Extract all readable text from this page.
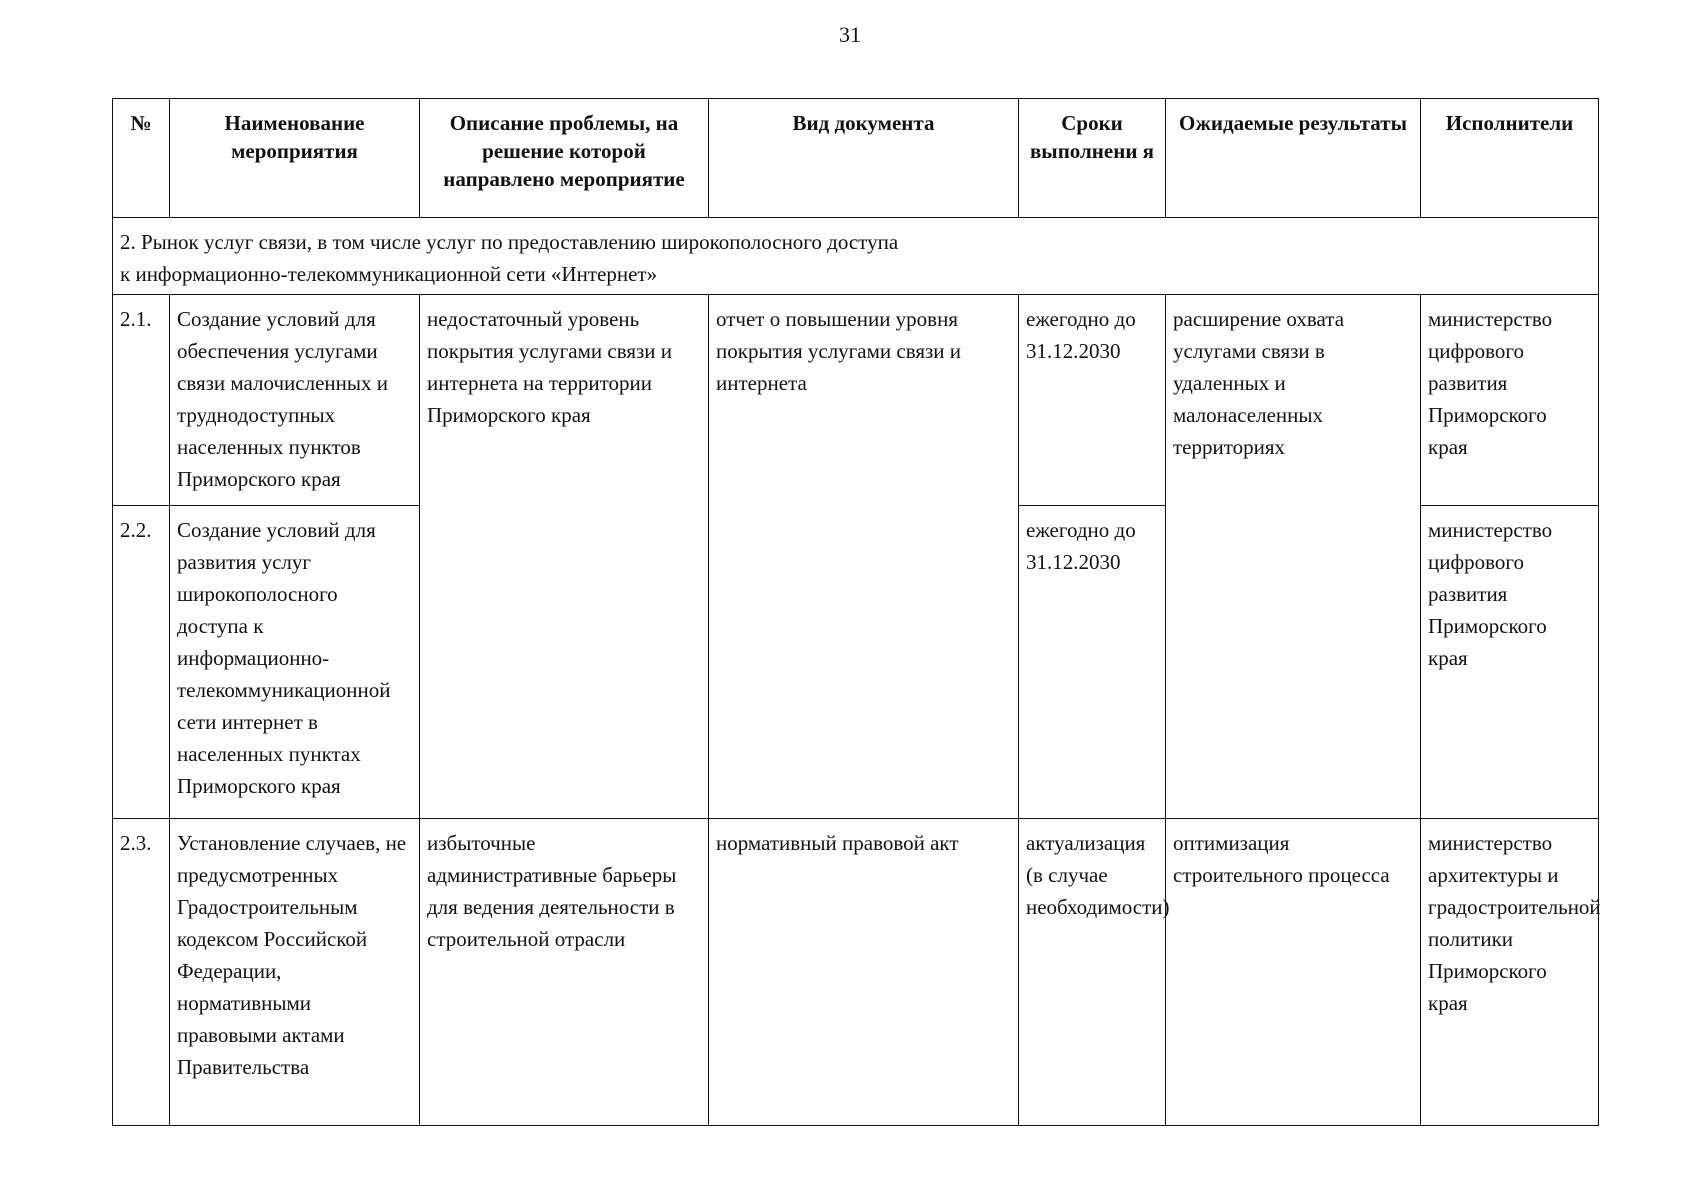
31
№	Наименование мероприятия	Описание проблемы, на решение которой направлено мероприятие	Вид документа	Сроки выполнени я	Ожидаемые результаты	Исполнители

2. Рынок услуг связи, в том числе услуг по предоставлению широкополосного доступа
к информационно-телекоммуникационной сети «Интернет»						

2.1.	Создание условий для обеспечения услугами связи малочисленных и труднодоступных населенных пунктов Приморского края	недостаточный уровень покрытия услугами связи и интернета на территории Приморского края	отчет о повышении уровня покрытия услугами связи и интернета	ежегодно до 31.12.2030	расширение охвата услугами связи в удаленных и малонаселенных территориях	министерство цифрового развития Приморского края
2.2.	Создание условий для развития услуг широкополосного доступа к информационно-телекоммуникационной сети интернет в населенных пунктах Приморского края			ежегодно до 31.12.2030		министерство цифрового развития Приморского края
2.3.	Установление случаев, не предусмотренных Градостроительным кодексом Российской Федерации, нормативными правовыми актами Правительства	избыточные административные барьеры для ведения деятельности в строительной отрасли	нормативный правовой акт	актуализация (в случае необходимости)	оптимизация строительного процесса	министерство архитектуры и градостроительной политики Приморского края
